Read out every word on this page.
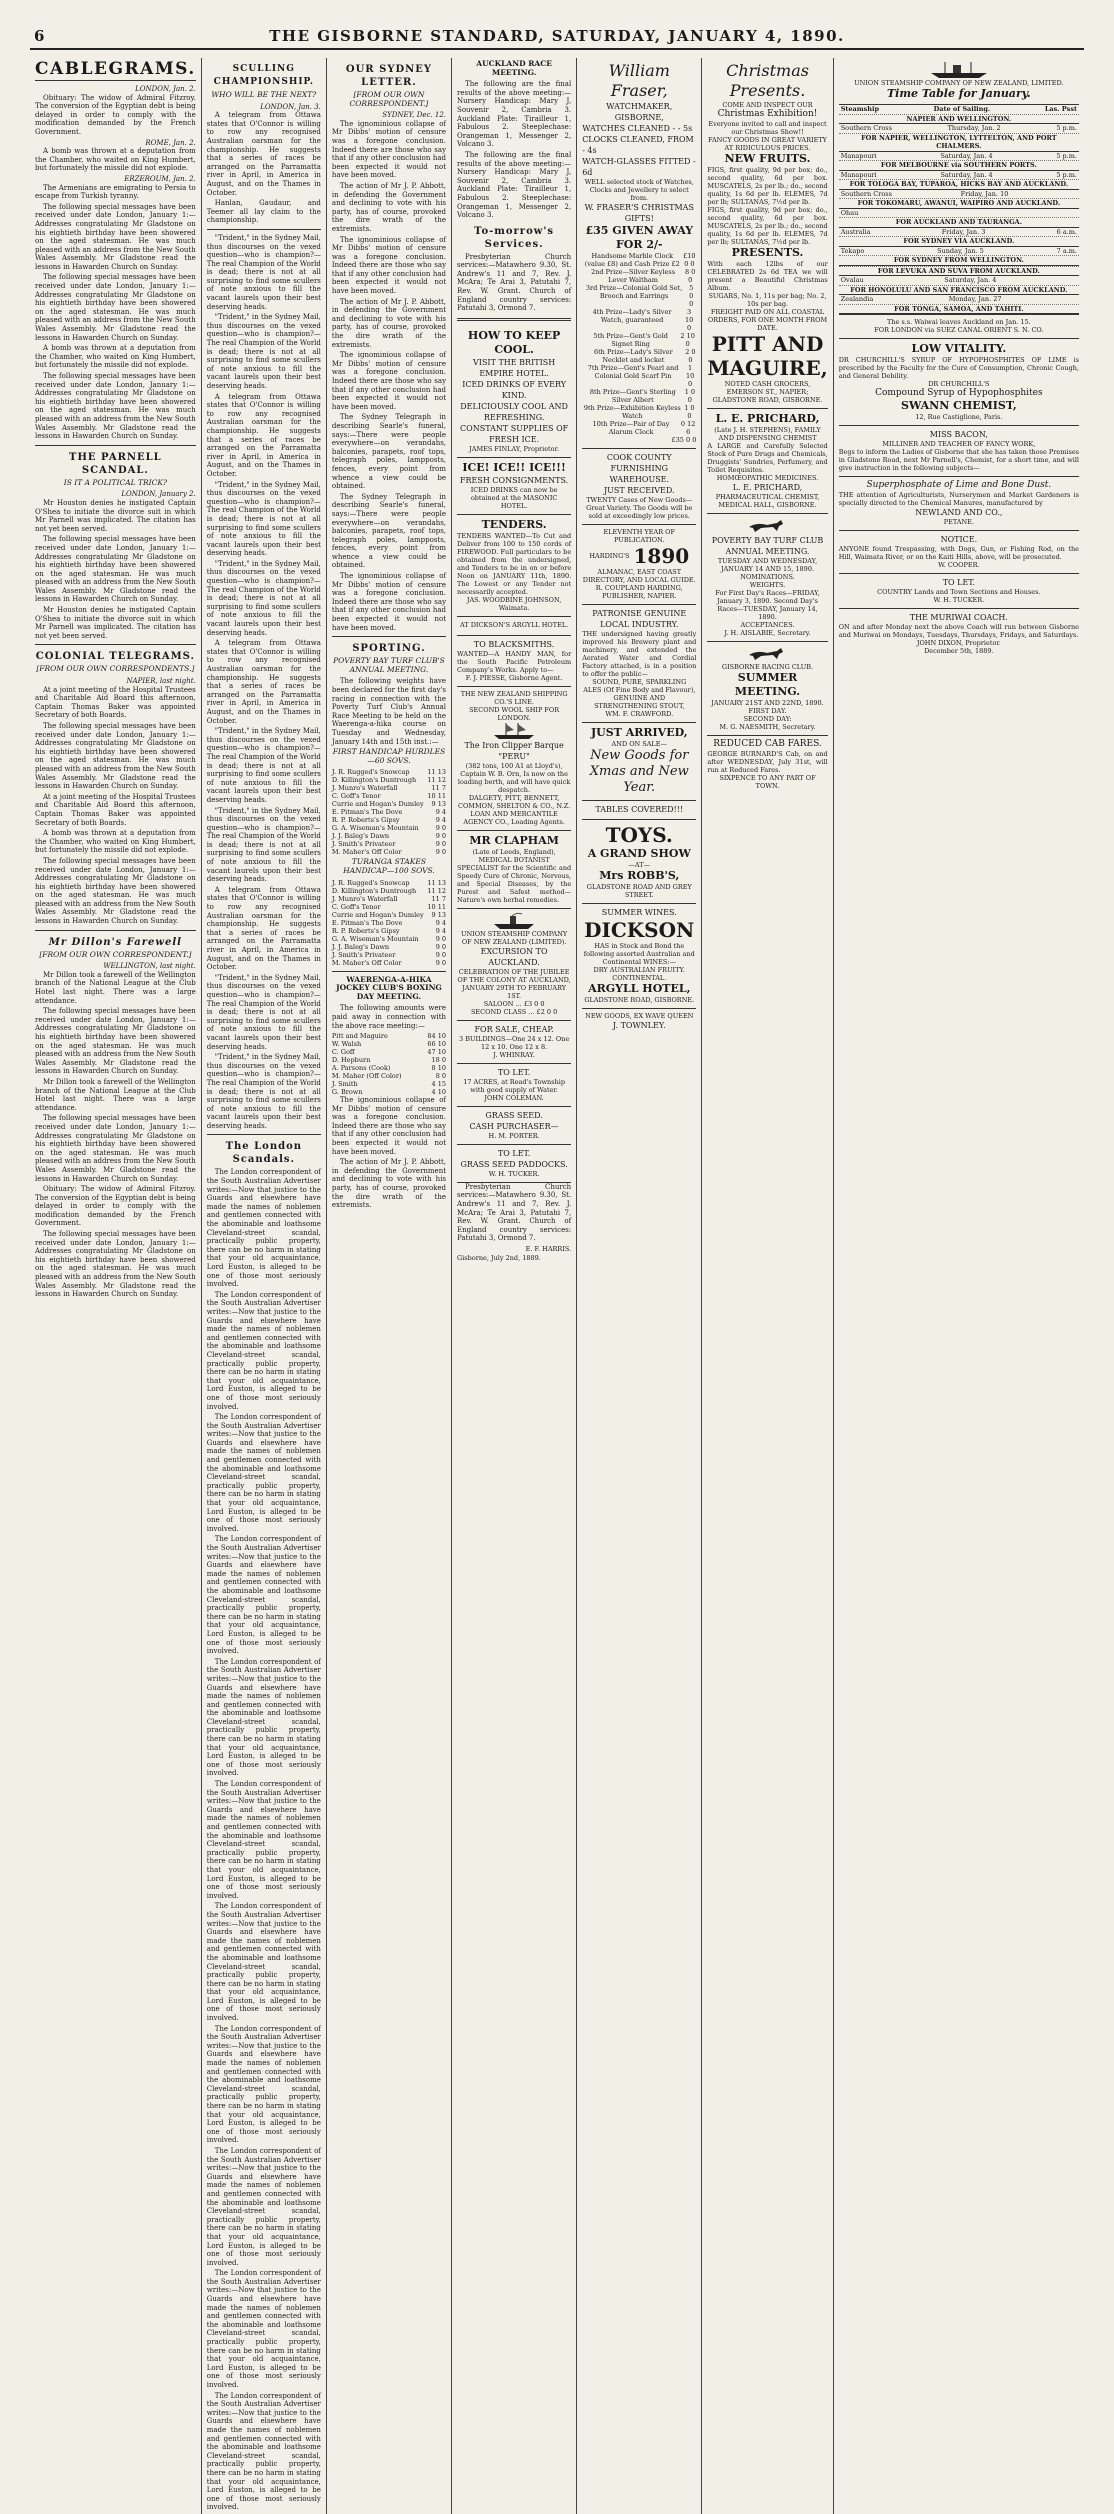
6	THE GISBORNE STANDARD, SATURDAY, JANUARY 4, 1890.
CABLEGRAMS.
LONDON, Jan. 2.

Obituary: The widow of Admiral Fitzroy. The conversion of the Egyptian debt is being delayed in order to comply with the modification demanded by the French Government.

ROME, Jan. 2.

A bomb was thrown at a deputation from the Chamber, who waited on King Humbert, but fortunately the missile did not explode.

ERZEROUM, Jan. 2.

The Armenians are emigrating to Persia to escape from Turkish tyranny.

The following special messages have been received under date London, January 1:— Addresses congratulating Mr Gladstone on his eightieth birthday have been showered on the aged statesman. He was much pleased with an address from the New South Wales Assembly. Mr Gladstone read the lessons in Hawarden Church on Sunday.

The following special messages have been received under date London, January 1:— Addresses congratulating Mr Gladstone on his eightieth birthday have been showered on the aged statesman. He was much pleased with an address from the New South Wales Assembly. Mr Gladstone read the lessons in Hawarden Church on Sunday.

A bomb was thrown at a deputation from the Chamber, who waited on King Humbert, but fortunately the missile did not explode.

The following special messages have been received under date London, January 1:— Addresses congratulating Mr Gladstone on his eightieth birthday have been showered on the aged statesman. He was much pleased with an address from the New South Wales Assembly. Mr Gladstone read the lessons in Hawarden Church on Sunday.

THE PARNELL SCANDAL.
IS IT A POLITICAL TRICK?
LONDON, January 2.

Mr Houston denies he instigated Captain O'Shea to initiate the divorce suit in which Mr Parnell was implicated. The citation has not yet been served.

The following special messages have been received under date London, January 1:— Addresses congratulating Mr Gladstone on his eightieth birthday have been showered on the aged statesman. He was much pleased with an address from the New South Wales Assembly. Mr Gladstone read the lessons in Hawarden Church on Sunday.

Mr Houston denies he instigated Captain O'Shea to initiate the divorce suit in which Mr Parnell was implicated. The citation has not yet been served.

COLONIAL TELEGRAMS.
[FROM OUR OWN CORRESPONDENTS.]
NAPIER, last night.

At a joint meeting of the Hospital Trustees and Charitable Aid Board this afternoon, Captain Thomas Baker was appointed Secretary of both Boards.

The following special messages have been received under date London, January 1:— Addresses congratulating Mr Gladstone on his eightieth birthday have been showered on the aged statesman. He was much pleased with an address from the New South Wales Assembly. Mr Gladstone read the lessons in Hawarden Church on Sunday.

At a joint meeting of the Hospital Trustees and Charitable Aid Board this afternoon, Captain Thomas Baker was appointed Secretary of both Boards.

A bomb was thrown at a deputation from the Chamber, who waited on King Humbert, but fortunately the missile did not explode.

The following special messages have been received under date London, January 1:— Addresses congratulating Mr Gladstone on his eightieth birthday have been showered on the aged statesman. He was much pleased with an address from the New South Wales Assembly. Mr Gladstone read the lessons in Hawarden Church on Sunday.

Mr Dillon's Farewell
[FROM OUR OWN CORRESPONDENT.]
WELLINGTON, last night.

Mr Dillon took a farewell of the Wellington branch of the National League at the Club Hotel last night. There was a large attendance.

The following special messages have been received under date London, January 1:— Addresses congratulating Mr Gladstone on his eightieth birthday have been showered on the aged statesman. He was much pleased with an address from the New South Wales Assembly. Mr Gladstone read the lessons in Hawarden Church on Sunday.

Mr Dillon took a farewell of the Wellington branch of the National League at the Club Hotel last night. There was a large attendance.

The following special messages have been received under date London, January 1:— Addresses congratulating Mr Gladstone on his eightieth birthday have been showered on the aged statesman. He was much pleased with an address from the New South Wales Assembly. Mr Gladstone read the lessons in Hawarden Church on Sunday.

Obituary: The widow of Admiral Fitzroy. The conversion of the Egyptian debt is being delayed in order to comply with the modification demanded by the French Government.

The following special messages have been received under date London, January 1:— Addresses congratulating Mr Gladstone on his eightieth birthday have been showered on the aged statesman. He was much pleased with an address from the New South Wales Assembly. Mr Gladstone read the lessons in Hawarden Church on Sunday.

SCULLING CHAMPIONSHIP.
WHO WILL BE THE NEXT?
LONDON, Jan. 3.

A telegram from Ottawa states that O'Connor is willing to row any recognised Australian oarsman for the championship. He suggests that a series of races be arranged on the Parramatta river in April, in America in August, and on the Thames in October.

Hanlan, Gaudaur, and Teemer all lay claim to the championship.

"Trident," in the Sydney Mail, thus discourses on the vexed question—who is champion?—The real Champion of the World is dead; there is not at all surprising to find some scullers of note anxious to fill the vacant laurels upon their best deserving heads.

"Trident," in the Sydney Mail, thus discourses on the vexed question—who is champion?—The real Champion of the World is dead; there is not at all surprising to find some scullers of note anxious to fill the vacant laurels upon their best deserving heads.

A telegram from Ottawa states that O'Connor is willing to row any recognised Australian oarsman for the championship. He suggests that a series of races be arranged on the Parramatta river in April, in America in August, and on the Thames in October.

"Trident," in the Sydney Mail, thus discourses on the vexed question—who is champion?—The real Champion of the World is dead; there is not at all surprising to find some scullers of note anxious to fill the vacant laurels upon their best deserving heads.

"Trident," in the Sydney Mail, thus discourses on the vexed question—who is champion?—The real Champion of the World is dead; there is not at all surprising to find some scullers of note anxious to fill the vacant laurels upon their best deserving heads.

A telegram from Ottawa states that O'Connor is willing to row any recognised Australian oarsman for the championship. He suggests that a series of races be arranged on the Parramatta river in April, in America in August, and on the Thames in October.

"Trident," in the Sydney Mail, thus discourses on the vexed question—who is champion?—The real Champion of the World is dead; there is not at all surprising to find some scullers of note anxious to fill the vacant laurels upon their best deserving heads.

"Trident," in the Sydney Mail, thus discourses on the vexed question—who is champion?—The real Champion of the World is dead; there is not at all surprising to find some scullers of note anxious to fill the vacant laurels upon their best deserving heads.

A telegram from Ottawa states that O'Connor is willing to row any recognised Australian oarsman for the championship. He suggests that a series of races be arranged on the Parramatta river in April, in America in August, and on the Thames in October.

"Trident," in the Sydney Mail, thus discourses on the vexed question—who is champion?—The real Champion of the World is dead; there is not at all surprising to find some scullers of note anxious to fill the vacant laurels upon their best deserving heads.

"Trident," in the Sydney Mail, thus discourses on the vexed question—who is champion?—The real Champion of the World is dead; there is not at all surprising to find some scullers of note anxious to fill the vacant laurels upon their best deserving heads.

The London Scandals.

The London correspondent of the South Australian Advertiser writes:—Now that justice to the Guards and elsewhere have made the names of noblemen and gentlemen connected with the abominable and loathsome Cleveland-street scandal, practically public property, there can be no harm in stating that your old acquaintance, Lord Euston, is alleged to be one of those most seriously involved.

The London correspondent of the South Australian Advertiser writes:—Now that justice to the Guards and elsewhere have made the names of noblemen and gentlemen connected with the abominable and loathsome Cleveland-street scandal, practically public property, there can be no harm in stating that your old acquaintance, Lord Euston, is alleged to be one of those most seriously involved.

The London correspondent of the South Australian Advertiser writes:—Now that justice to the Guards and elsewhere have made the names of noblemen and gentlemen connected with the abominable and loathsome Cleveland-street scandal, practically public property, there can be no harm in stating that your old acquaintance, Lord Euston, is alleged to be one of those most seriously involved.

The London correspondent of the South Australian Advertiser writes:—Now that justice to the Guards and elsewhere have made the names of noblemen and gentlemen connected with the abominable and loathsome Cleveland-street scandal, practically public property, there can be no harm in stating that your old acquaintance, Lord Euston, is alleged to be one of those most seriously involved.

The London correspondent of the South Australian Advertiser writes:—Now that justice to the Guards and elsewhere have made the names of noblemen and gentlemen connected with the abominable and loathsome Cleveland-street scandal, practically public property, there can be no harm in stating that your old acquaintance, Lord Euston, is alleged to be one of those most seriously involved.

The London correspondent of the South Australian Advertiser writes:—Now that justice to the Guards and elsewhere have made the names of noblemen and gentlemen connected with the abominable and loathsome Cleveland-street scandal, practically public property, there can be no harm in stating that your old acquaintance, Lord Euston, is alleged to be one of those most seriously involved.

The London correspondent of the South Australian Advertiser writes:—Now that justice to the Guards and elsewhere have made the names of noblemen and gentlemen connected with the abominable and loathsome Cleveland-street scandal, practically public property, there can be no harm in stating that your old acquaintance, Lord Euston, is alleged to be one of those most seriously involved.

The London correspondent of the South Australian Advertiser writes:—Now that justice to the Guards and elsewhere have made the names of noblemen and gentlemen connected with the abominable and loathsome Cleveland-street scandal, practically public property, there can be no harm in stating that your old acquaintance, Lord Euston, is alleged to be one of those most seriously involved.

The London correspondent of the South Australian Advertiser writes:—Now that justice to the Guards and elsewhere have made the names of noblemen and gentlemen connected with the abominable and loathsome Cleveland-street scandal, practically public property, there can be no harm in stating that your old acquaintance, Lord Euston, is alleged to be one of those most seriously involved.

The London correspondent of the South Australian Advertiser writes:—Now that justice to the Guards and elsewhere have made the names of noblemen and gentlemen connected with the abominable and loathsome Cleveland-street scandal, practically public property, there can be no harm in stating that your old acquaintance, Lord Euston, is alleged to be one of those most seriously involved.

The London correspondent of the South Australian Advertiser writes:—Now that justice to the Guards and elsewhere have made the names of noblemen and gentlemen connected with the abominable and loathsome Cleveland-street scandal, practically public property, there can be no harm in stating that your old acquaintance, Lord Euston, is alleged to be one of those most seriously involved.

OUR SYDNEY LETTER.
[FROM OUR OWN CORRESPONDENT.]
SYDNEY, Dec. 12.

The ignominious collapse of Mr Dibbs' motion of censure was a foregone conclusion. Indeed there are those who say that if any other conclusion had been expected it would not have been moved.

The action of Mr J. P. Abbott, in defending the Government and declining to vote with his party, has of course, provoked the dire wrath of the extremists.

The ignominious collapse of Mr Dibbs' motion of censure was a foregone conclusion. Indeed there are those who say that if any other conclusion had been expected it would not have been moved.

The action of Mr J. P. Abbott, in defending the Government and declining to vote with his party, has of course, provoked the dire wrath of the extremists.

The ignominious collapse of Mr Dibbs' motion of censure was a foregone conclusion. Indeed there are those who say that if any other conclusion had been expected it would not have been moved.

The Sydney Telegraph in describing Searle's funeral, says:—There were people everywhere—on verandahs, balconies, parapets, roof tops, telegraph poles, lampposts, fences, every point from whence a view could be obtained.

The Sydney Telegraph in describing Searle's funeral, says:—There were people everywhere—on verandahs, balconies, parapets, roof tops, telegraph poles, lampposts, fences, every point from whence a view could be obtained.

The ignominious collapse of Mr Dibbs' motion of censure was a foregone conclusion. Indeed there are those who say that if any other conclusion had been expected it would not have been moved.

SPORTING.
POVERTY BAY TURF CLUB'S ANNUAL MEETING.

The following weights have been declared for the first day's racing in connection with the Poverty Turf Club's Annual Race Meeting to be held on the Waerenga-a-hika course on Tuesday and Wednesday, January 14th and 15th inst.:—

FIRST HANDICAP HURDLES—60 SOVS.
J. R. Rugged's Snowcap	11 13
D. Killington's Duntrough 11 12
J. Munro's Waterfall	11 7
C. Goff's Tenor	10 11
Currie and Hogan's Dumley 9 13
E. Pitman's The Dove	9 4
R. P. Roberts's Gipsy	9 4
G. A. Wiseman's Mountain	9 0
J. J. Baleg's Dawn	9 0
J. Smith's Privateer	9 0
M. Maher's Off Color	9 0
TURANGA STAKES HANDICAP—100 SOVS.
J. R. Rugged's Snowcap	11 13
D. Killington's Duntrough 11 12
J. Munro's Waterfall	11 7
C. Goff's Tenor	10 11
Currie and Hogan's Dumley 9 13
E. Pitman's The Dove	9 4
R. P. Roberts's Gipsy	9 4
G. A. Wiseman's Mountain	9 0
J. J. Baleg's Dawn	9 0
J. Smith's Privateer	9 0
M. Maher's Off Color	9 0
WAERENGA-A-HIKA JOCKEY CLUB'S BOXING DAY MEETING.

The following amounts were paid away in connection with the above race meeting:—

Pitt and Maguire	84 10
W. Walsh	66 10
C. Goff	47 10
D. Hepburn	18 0
A. Parsons (Cook)	8 10
M. Maher (Off Color)	8 0
J. Smith	4 15
G. Brown	4 10

The ignominious collapse of Mr Dibbs' motion of censure was a foregone conclusion. Indeed there are those who say that if any other conclusion had been expected it would not have been moved.

The action of Mr J. P. Abbott, in defending the Government and declining to vote with his party, has of course, provoked the dire wrath of the extremists.

AUCKLAND RACE MEETING.

The following are the final results of the above meeting:—Nursery Handicap: Mary J, Souvenir 2, Cambria 3. Auckland Plate: Tirailleur 1, Fabulous 2. Steeplechase: Orangeman 1, Messenger 2, Volcano 3.

The following are the final results of the above meeting:—Nursery Handicap: Mary J, Souvenir 2, Cambria 3. Auckland Plate: Tirailleur 1, Fabulous 2. Steeplechase: Orangeman 1, Messenger 2, Volcano 3.

To-morrow's Services.

Presbyterian Church services:—Matawhero 9.30, St. Andrew's 11 and 7, Rev. J. McAra; Te Arai 3, Patutahi 7, Rev. W. Grant. Church of England country services: Patutahi 3, Ormond 7.

HOW TO KEEP COOL.
VISIT THE BRITISH EMPIRE HOTEL.
ICED DRINKS OF EVERY KIND.
DELICIOUSLY COOL AND REFRESHING.
CONSTANT SUPPLIES OF FRESH ICE.
JAMES FINLAY, Proprietor.
ICE! ICE!! ICE!!!
FRESH CONSIGNMENTS.
ICED DRINKS can now be obtained at the MASONIC HOTEL.
TENDERS.
TENDERS WANTED—To Cut and Deliver from 100 to 150 cords of FIREWOOD. Full particulars to be obtained from the undersigned, and Tenders to be in on or before Noon on JANUARY 11th, 1890. The Lowest or any Tender not necessarily accepted.
JAS. WOODBINE JOHNSON, Waimata.
AT DICKSON'S ARGYLL HOTEL.
TO BLACKSMITHS.
WANTED—A HANDY MAN, for the South Pacific Petroleum Company's Works. Apply to—
F. J. PIESSE, Gisborne Agent.
THE NEW ZEALAND SHIPPING CO.'S LINE.
SECOND WOOL SHIP FOR LONDON.
The Iron Clipper Barque "PERU"
(382 tons, 100 A1 at Lloyd's), Captain W. B. Orn, Is now on the loading berth, and will have quick despatch.
DALGETY, PITT, BENNETT, COMMON, SHELTON & CO., N.Z. LOAN AND MERCANTILE AGENCY CO., Loading Agents.
MR CLAPHAM
(Late of Leeds, England), MEDICAL BOTANIST
SPECIALIST for the Scientific and Speedy Cure of Chronic, Nervous, and Special Diseases, by the Purest and Safest method—Nature's own herbal remedies.
UNION STEAMSHIP COMPANY OF NEW ZEALAND (LIMITED).
EXCURSION TO AUCKLAND.
CELEBRATION OF THE JUBILEE OF THE COLONY AT AUCKLAND, JANUARY 29TH TO FEBRUARY 1ST.
SALOON ... £3 0 0
SECOND CLASS ... £2 0 0
FOR SALE, CHEAP.
3 BUILDINGS—One 24 x 12. One 12 x 10. One 12 x 8.
J. WHINRAY.
TO LET.
17 ACRES, at Read's Township with good supply of Water.
JOHN COLEMAN.
GRASS SEED.
CASH PURCHASER—
H. M. PORTER.
TO LET.
GRASS SEED PADDOCKS.
W. H. TUCKER.

Presbyterian Church services:—Matawhero 9.30, St. Andrew's 11 and 7, Rev. J. McAra; Te Arai 3, Patutahi 7, Rev. W. Grant. Church of England country services: Patutahi 3, Ormond 7.

E. F. HARRIS.
Gisborne, July 2nd, 1889.
William Fraser,
WATCHMAKER, GISBORNE,
WATCHES CLEANED - - 5s
CLOCKS CLEANED, FROM - 4s
WATCH-GLASSES FITTED - 6d
WELL selected stock of Watches, Clocks and Jewellery to select from.
W. FRASER'S CHRISTMAS GIFTS!
£35 GIVEN AWAY FOR 2/-
Handsome Marble Clock (value £8) and Cash Prize £2
£10 0 0
2nd Prize—Silver Keyless Lever Waltham
8 0 0
3rd Prize—Colonial Gold Set, Brooch and Earrings
5 0 0
4th Prize—Lady's Silver Watch, guaranteed
3 10 0
5th Prize—Gent's Gold Signet Ring
2 10 0
6th Prize—Lady's Silver Necklet and locket
2 0 0
7th Prize—Gent's Pearl and Colonial Gold Scarf Pin
1 10 0
8th Prize—Gent's Sterling Silver Albert
1 0 0
9th Prize—Exhibition Keyless Watch
1 0 0
10th Prize—Pair of Day Alarum Clock
0 12 6
£35 0 0
COOK COUNTY FURNISHING WAREHOUSE.
JUST RECEIVED.
TWENTY Cases of New Goods—Great Variety. The Goods will be sold at exceedingly low prices.
ELEVENTH YEAR OF PUBLICATION.
HARDING'S 1890
ALMANAC, EAST COAST DIRECTORY, AND LOCAL GUIDE.
R. COUPLAND HARDING, PUBLISHER, NAPIER.
PATRONISE GENUINE LOCAL INDUSTRY.
THE undersigned having greatly improved his Brewery plant and machinery, and extended the Aerated Water and Cordial Factory attached, is in a position to offer the public—
SOUND, PURE, SPARKLING ALES (Of Fine Body and Flavour), GENUINE AND STRENGTHENING STOUT,
WM. F. CRAWFORD.
JUST ARRIVED,
AND ON SALE—
New Goods for Xmas and New Year.
TABLES COVERED!!!
TOYS.
A GRAND SHOW
—AT—
Mrs ROBB'S,
GLADSTONE ROAD AND GREY STREET.
SUMMER WINES.
DICKSON
HAS in Stock and Bond the following assorted Australian and Continental WINES:—
DRY AUSTRALIAN FRUITY.
CONTINENTAL.
ARGYLL HOTEL,
GLADSTONE ROAD, GISBORNE.
NEW GOODS, EX WAVE QUEEN
J. TOWNLEY.
Christmas Presents.
COME AND INSPECT OUR
Christmas Exhibition!
Everyone invited to call and inspect our Christmas Show!!
FANCY GOODS IN GREAT VARIETY AT RIDICULOUS PRICES.
NEW FRUITS.
FIGS, first quality, 9d per box; do., second quality, 6d per box. MUSCATELS, 2s per lb.; do., second quality, 1s 6d per lb. ELEMES, 7d per lb; SULTANAS, 7½d per lb.
FIGS, first quality, 9d per box; do., second quality, 6d per box. MUSCATELS, 2s per lb.; do., second quality, 1s 6d per lb. ELEMES, 7d per lb; SULTANAS, 7½d per lb.
PRESENTS.
With each 12lbs of our CELEBRATED 2s 6d TEA we will present a Beautiful Christmas Album.
SUGARS, No. 1, 11s per bag; No. 2, 10s per bag.
FREIGHT PAID ON ALL COASTAL ORDERS, FOR ONE MONTH FROM DATE.
PITT AND MAGUIRE,
NOTED CASH GROCERS, EMERSON ST., NAPIER; GLADSTONE ROAD, GISBORNE.
L. E. PRICHARD,
(Late J. H. STEPHENS), FAMILY AND DISPENSING CHEMIST
A LARGE and Carefully Selected Stock of Pure Drugs and Chemicals, Druggists' Sundries, Perfumery, and Toilet Requisites.
HOMŒOPATHIC MEDICINES.
L. E. PRICHARD,
PHARMACEUTICAL CHEMIST, MEDICAL HALL, GISBORNE.
POVERTY BAY TURF CLUB
ANNUAL MEETING.
TUESDAY AND WEDNESDAY, JANUARY 14 AND 15, 1890.
NOMINATIONS.
WEIGHTS.
For First Day's Races—FRIDAY, January 3, 1890. Second Day's Races—TUESDAY, January 14, 1890.
ACCEPTANCES.
J. H. AISLABIE, Secretary.
GISBORNE RACING CLUB.
SUMMER MEETING.
JANUARY 21ST AND 22ND, 1890.
FIRST DAY.
SECOND DAY:
M. G. NAESMITH, Secretary.
REDUCED CAB FARES.
GEORGE BURNARD'S Cab, on and after WEDNESDAY, July 31st, will run at Reduced Fares.
SIXPENCE TO ANY PART OF TOWN.
UNION STEAMSHIP COMPANY OF NEW ZEALAND, LIMITED.
Time Table for January.
Steamship	Date of Sailing.	Las. Psst
NAPIER AND WELLINGTON.
Southern Cross	Thursday, Jan. 2	5 p.m.
FOR NAPIER, WELLINGTON, LYTTELTON, AND PORT CHALMERS.
Manapouri	Saturday, Jan. 4	5 p.m.
FOR MELBOURNE via SOUTHERN PORTS.
Manapouri	Saturday, Jan. 4	5 p.m.
FOR TOLOGA BAY, TUPAROA, HICKS BAY AND AUCKLAND.
Southern Cross	Friday, Jan. 10
FOR TOKOMARU, AWANUI, WAIPIRO AND AUCKLAND.
Ohau
FOR AUCKLAND AND TAURANGA.
Australia	Friday, Jan. 3	6 a.m.
FOR SYDNEY VIA AUCKLAND.
Tekapo	Sunday, Jan. 5	7 a.m.
FOR SYDNEY FROM WELLINGTON.
FOR LEVUKA AND SUVA FROM AUCKLAND.
Ovalau	Saturday, Jan. 4
FOR HONOLULU AND SAN FRANCISCO FROM AUCKLAND.
Zealandia	Monday, Jan. 27
FOR TONGA, SAMOA, AND TAHITI.
The s.s. Waiwai leaves Auckland on Jan. 15.
FOR LONDON via SUEZ CANAL ORIENT S. N. CO.
LOW VITALITY.
DR CHURCHILL'S SYRUP OF HYPOPHOSPHITES OF LIME is prescribed by the Faculty for the Cure of Consumption, Chronic Cough, and General Debility.
DR CHURCHILL'S
Compound Syrup of Hypophosphites
SWANN CHEMIST,
12, Rue Castiglione, Paris.
MISS BACON,
MILLINER AND TEACHER OF FANCY WORK,
Begs to inform the Ladies of Gisborne that she has taken those Premises in Gladstone Road, next Mr Parnell's, Chemist, for a short time, and will give instruction in the following subjects—
Superphosphate of Lime and Bone Dust.
THE attention of Agriculturists, Nurserymen and Market Gardeners is specially directed to the Chemical Manures, manufactured by
NEWLAND AND CO.,
PETANE.
NOTICE.
ANYONE found Trespassing, with Dogs, Gun, or Fishing Rod, on the Hill, Waimata River, or on the Kaiti Hills, above, will be prosecuted.
W. COOPER.
TO LET.
COUNTRY Lands and Town Sections and Houses.
W. H. TUCKER.
THE MURIWAI COACH.
ON and after Monday next the above Coach will run between Gisborne and Muriwai on Mondays, Tuesdays, Thursdays, Fridays, and Saturdays.
JOHN DIXON, Proprietor.
December 5th, 1889.
